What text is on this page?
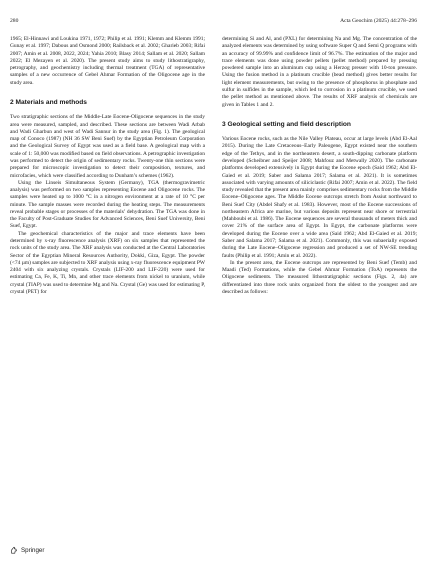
280	Acta Geochim (2025) 44:278–296

1965; El-Hinnawi and Loukina 1971, 1972; Philip et al. 1991; Klemm and Klemm 1991; Gunay et al. 1997; Dabous and Osmond 2000; Railsback et al. 2002; Gharieb 2003; Rifai 2007; Amin et al. 2008, 2022, 2024; Yahia 2010; Blasy 2014; Sallam et al. 2020; Sallam 2022; El Mezayen et al. 2020). The present study aims to study lithostratigraphy, petrography, and geochemistry including thermal treatment (TGA) of representative samples of a new occurrence of Gebel Ahmar Formation of the Oligocene age in the study area.

2 Materials and methods

Two stratigraphic sections of the Middle-Late Eocene-Oligocene sequences in the study area were measured, sampled, and described. These sections are between Wadi Arbab and Wadi Gharbun and west of Wadi Sannur in the study area (Fig. 1). The geological map of Conoco (1987) (NH 36 SW Beni Suef) by the Egyptian Petroleum Corporation and the Geological Survey of Egypt was used as a field base. A geological map with a scale of 1: 50,000 was modified based on field observations. A petrographic investigation was performed to detect the origin of sedimentary rocks. Twenty-one thin sections were prepared for microscopic investigation to detect their composition, textures, and microfacies, which were classified according to Dunham’s schemes (1962).

Using the Linseis Simultaneous System (Germany), TGA (thermogravimetric analysis) was performed on two samples representing Eocene and Oligocene rocks. The samples were heated up to 1000 °C in a nitrogen environment at a rate of 10 °C per minute. The sample masses were recorded during the heating steps. The measurements reveal probable stages or processes of the materials’ dehydration. The TGA was done in the Faculty of Post-Graduate Studies for Advanced Sciences, Beni Suef University, Beni Suef, Egypt.

The geochemical characteristics of the major and trace elements have been determined by x-ray fluorescence analysis (XRF) on six samples that represented the rock units of the study area. The XRF analysis was conducted at the Central Laboratories Sector of the Egyptian Mineral Resources Authority, Dokki, Giza, Egypt. The powder (<74 µm) samples are subjected to XRF analysis using x-ray fluorescence equipment PW 2404 with six analyzing crystals. Crystals (LIF-200 and LIF-220) were used for estimating Ca, Fe, K, Ti, Mn, and other trace elements from nickel to uranium, while crystal (TIAP) was used to determine Mg and Na. Crystal (Ge) was used for estimating P, crystal (PET) for

determining Si and Al, and (PXL) for determining Na and Mg. The concentration of the analyzed elements was determined by using software Super Q and Semi Q programs with an accuracy of 99.99% and confidence limit of 96.7%. The estimation of the major and trace elements was done using powder pellets (pellet method) prepared by pressing powdered sample into an aluminum cup using a Herzog presser with 10-ton pressure. Using the fusion method in a platinum crucible (bead method) gives better results for light element measurements, but owing to the presence of phosphorus in phosphate and sulfur in sulfides in the sample, which led to corrosion in a platinum crucible, we used the pellet method as mentioned above. The results of XRF analysis of chemicals are given in Tables 1 and 2.

3 Geological setting and field description

Various Eocene rocks, such as the Nile Valley Plateau, occur at large levels (Abd El-Aal 2015). During the Late Cretaceous–Early Paleogene, Egypt existed near the southern edge of the Tethys, and in the northeastern desert, a south-dipping carbonate platform developed (Scheibner and Speijer 2008; Mahfouz and Metwally 2020). The carbonate platforms developed extensively in Egypt during the Eocene epoch (Said 1962; Abd El-Gaied et al. 2019; Saber and Salama 2017; Salama et al. 2021). It is sometimes associated with varying amounts of siliciclastic (Rifai 2007; Amin et al. 2022). The field study revealed that the present area mainly comprises sedimentary rocks from the Middle Eocene–Oligocene ages. The Middle Eocene outcrops stretch from Assiut northward to Beni Suef City (Abdel Shafy et al. 1983). However, most of the Eocene successions of northeastern Africa are marine, but various deposits represent near shore or terrestrial (Mahboubi et al. 1986). The Eocene sequences are several thousands of meters thick and cover 21% of the surface area of Egypt. In Egypt, the carbonate platforms were developed during the Eocene over a wide area (Said 1962; Abd El-Gaied et al. 2019; Saber and Salama 2017; Salama et al. 2021). Commonly, this was subaerially exposed during the Late Eocene–Oligocene regression and produced a set of NW-SE trending faults (Philip et al. 1991; Amin et al. 2022).

In the present area, the Eocene outcrops are represented by Beni Suef (Temb) and Maadi (Ted) Formations, while the Gebel Ahmar Formation (ToA) represents the Oligocene sediments. The measured lithostratigraphic sections (Figs. 2, 4a) are differentiated into three rock units organized from the oldest to the youngest and are described as follows:

Springer
